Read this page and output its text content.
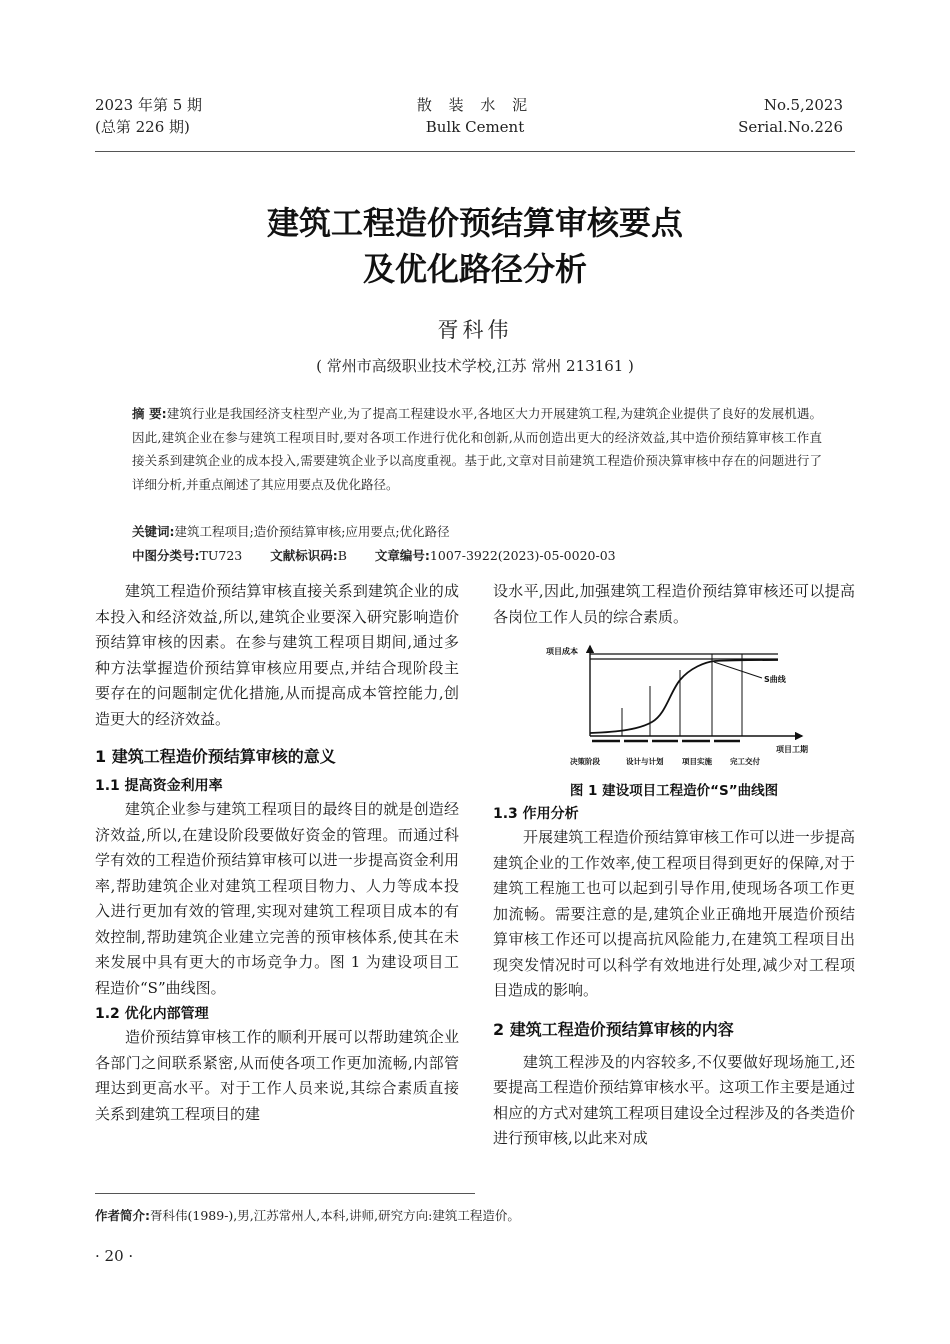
2023 年第 5 期
(总第 226 期)
散 装 水 泥
Bulk Cement
No.5,2023
Serial.No.226
建筑工程造价预结算审核要点
及优化路径分析
胥科伟
( 常州市高级职业技术学校,江苏 常州 213161 )
摘 要:建筑行业是我国经济支柱型产业,为了提高工程建设水平,各地区大力开展建筑工程,为建筑企业提供了良好的发展机遇。因此,建筑企业在参与建筑工程项目时,要对各项工作进行优化和创新,从而创造出更大的经济效益,其中造价预结算审核工作直接关系到建筑企业的成本投入,需要建筑企业予以高度重视。基于此,文章对目前建筑工程造价预决算审核中存在的问题进行了详细分析,并重点阐述了其应用要点及优化路径。
关键词:建筑工程项目;造价预结算审核;应用要点;优化路径
中图分类号:TU723 文献标识码:B 文章编号:1007-3922(2023)-05-0020-03

建筑工程造价预结算审核直接关系到建筑企业的成本投入和经济效益,所以,建筑企业要深入研究影响造价预结算审核的因素。在参与建筑工程项目期间,通过多种方法掌握造价预结算审核应用要点,并结合现阶段主要存在的问题制定优化措施,从而提高成本管控能力,创造更大的经济效益。

1 建筑工程造价预结算审核的意义
1.1 提高资金利用率

建筑企业参与建筑工程项目的最终目的就是创造经济效益,所以,在建设阶段要做好资金的管理。而通过科学有效的工程造价预结算审核可以进一步提高资金利用率,帮助建筑企业对建筑工程项目物力、人力等成本投入进行更加有效的管理,实现对建筑工程项目成本的有效控制,帮助建筑企业建立完善的预审核体系,使其在未来发展中具有更大的市场竞争力。图 1 为建设项目工程造价“S”曲线图。

1.2 优化内部管理

造价预结算审核工作的顺利开展可以帮助建筑企业各部门之间联系紧密,从而使各项工作更加流畅,内部管理达到更高水平。对于工作人员来说,其综合素质直接关系到建筑工程项目的建

设水平,因此,加强建筑工程造价预结算审核还可以提高各岗位工作人员的综合素质。

项目成本
S曲线
项目工期
决策阶段	设计与计划 项目实施 完工交付
图 1 建设项目工程造价“S”曲线图
1.3 作用分析

开展建筑工程造价预结算审核工作可以进一步提高建筑企业的工作效率,使工程项目得到更好的保障,对于建筑工程施工也可以起到引导作用,使现场各项工作更加流畅。需要注意的是,建筑企业正确地开展造价预结算审核工作还可以提高抗风险能力,在建筑工程项目出现突发情况时可以科学有效地进行处理,减少对工程项目造成的影响。

2 建筑工程造价预结算审核的内容

建筑工程涉及的内容较多,不仅要做好现场施工,还要提高工程造价预结算审核水平。这项工作主要是通过相应的方式对建筑工程项目建设全过程涉及的各类造价进行预审核,以此来对成

作者简介:胥科伟(1989-),男,江苏常州人,本科,讲师,研究方向:建筑工程造价。
· 20 ·
